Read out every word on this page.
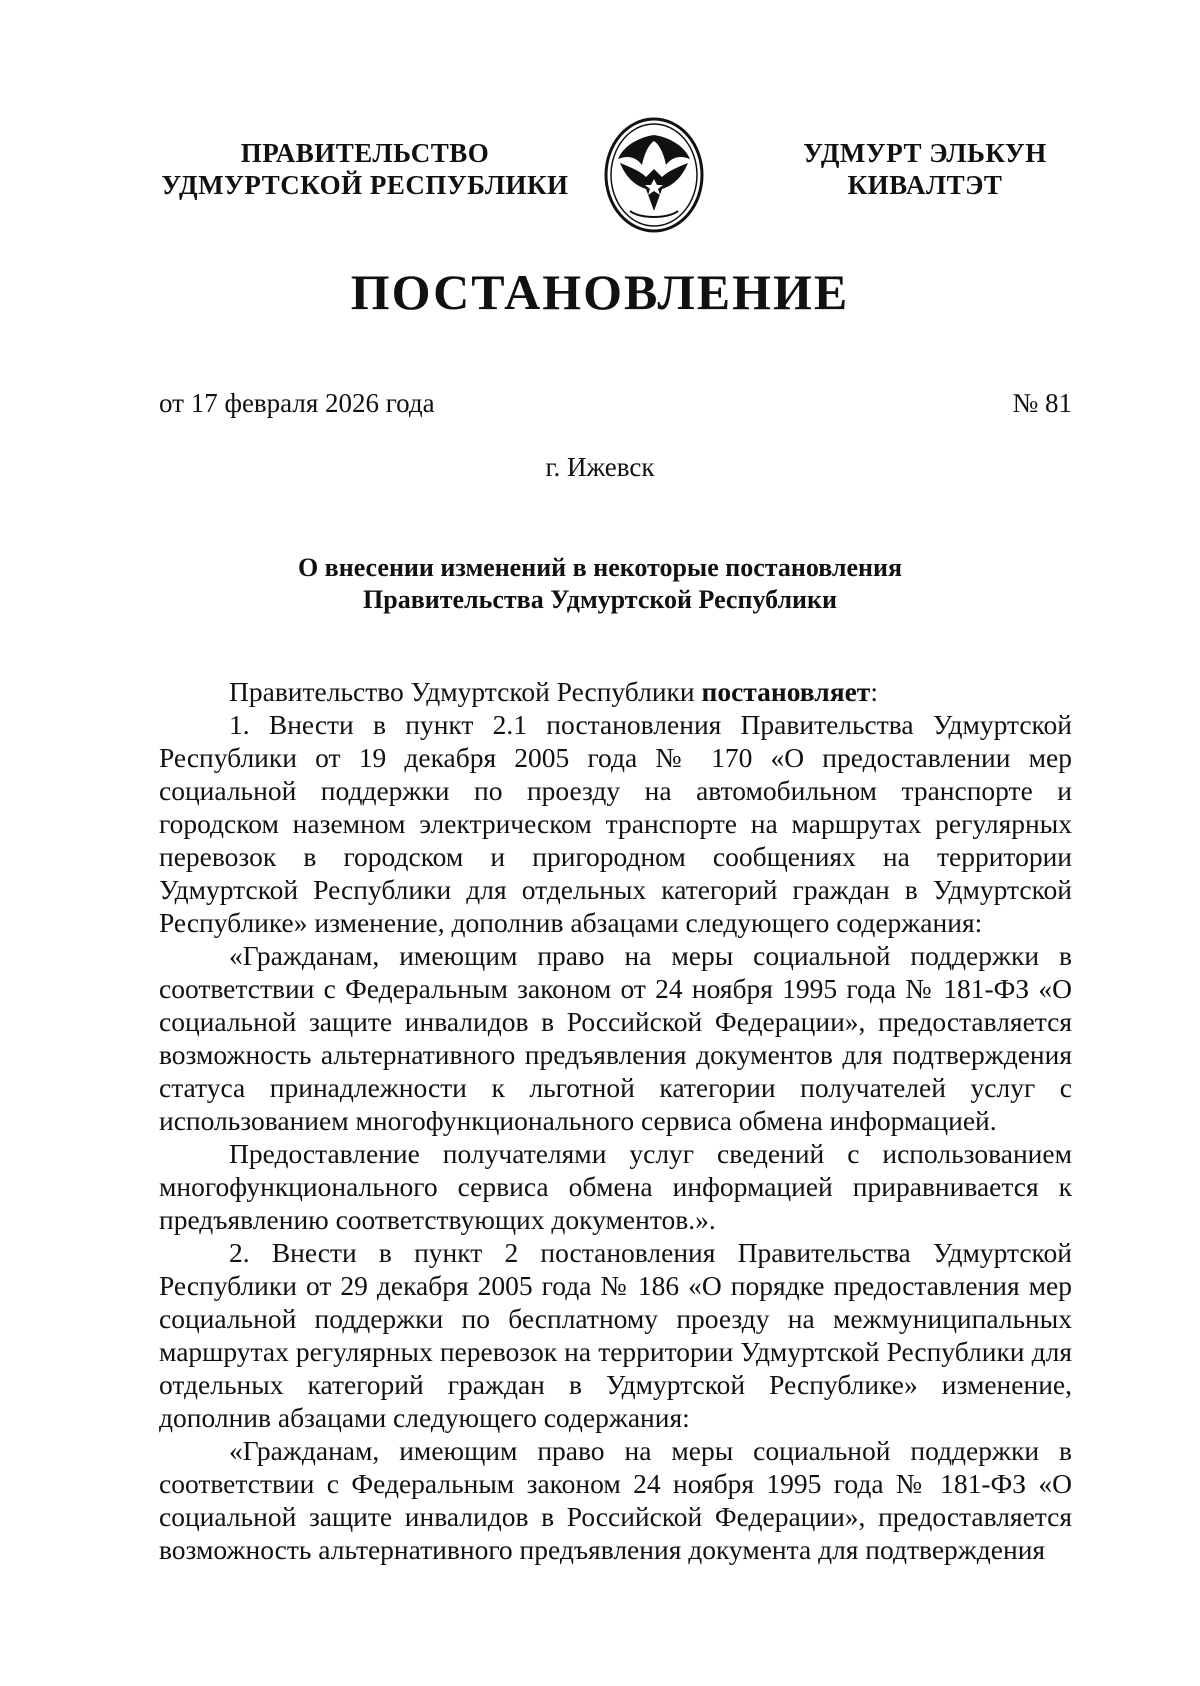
ПРАВИТЕЛЬСТВО
УДМУРТСКОЙ РЕСПУБЛИКИ
УДМУРТ ЭЛЬКУН
КИВАЛТЭТ
ПОСТАНОВЛЕНИЕ
от 17 февраля 2026 года	№ 81
г. Ижевск
О внесении изменений в некоторые постановления
Правительства Удмуртской Республики

Правительство Удмуртской Республики постановляет:

1. Внести в пункт 2.1 постановления Правительства Удмуртской Республики от 19 декабря 2005 года № 170 «О предоставлении мер социальной поддержки по проезду на автомобильном транспорте и городском наземном электрическом транспорте на маршрутах регулярных перевозок в городском и пригородном сообщениях на территории Удмуртской Республики для отдельных категорий граждан в Удмуртской Республике» изменение, дополнив абзацами следующего содержания:

«Гражданам, имеющим право на меры социальной поддержки в соответствии с Федеральным законом от 24 ноября 1995 года № 181-ФЗ «О социальной защите инвалидов в Российской Федерации», предоставляется возможность альтернативного предъявления документов для подтверждения статуса принадлежности к льготной категории получателей услуг с использованием многофункционального сервиса обмена информацией.

Предоставление получателями услуг сведений с использованием многофункционального сервиса обмена информацией приравнивается к предъявлению соответствующих документов.».

2. Внести в пункт 2 постановления Правительства Удмуртской Республики от 29 декабря 2005 года № 186 «О порядке предоставления мер социальной поддержки по бесплатному проезду на межмуниципальных маршрутах регулярных перевозок на территории Удмуртской Республики для отдельных категорий граждан в Удмуртской Республике» изменение, дополнив абзацами следующего содержания:

«Гражданам, имеющим право на меры социальной поддержки в соответствии с Федеральным законом 24 ноября 1995 года № 181-ФЗ «О социальной защите инвалидов в Российской Федерации», предоставляется возможность альтернативного предъявления документа для подтверждения
